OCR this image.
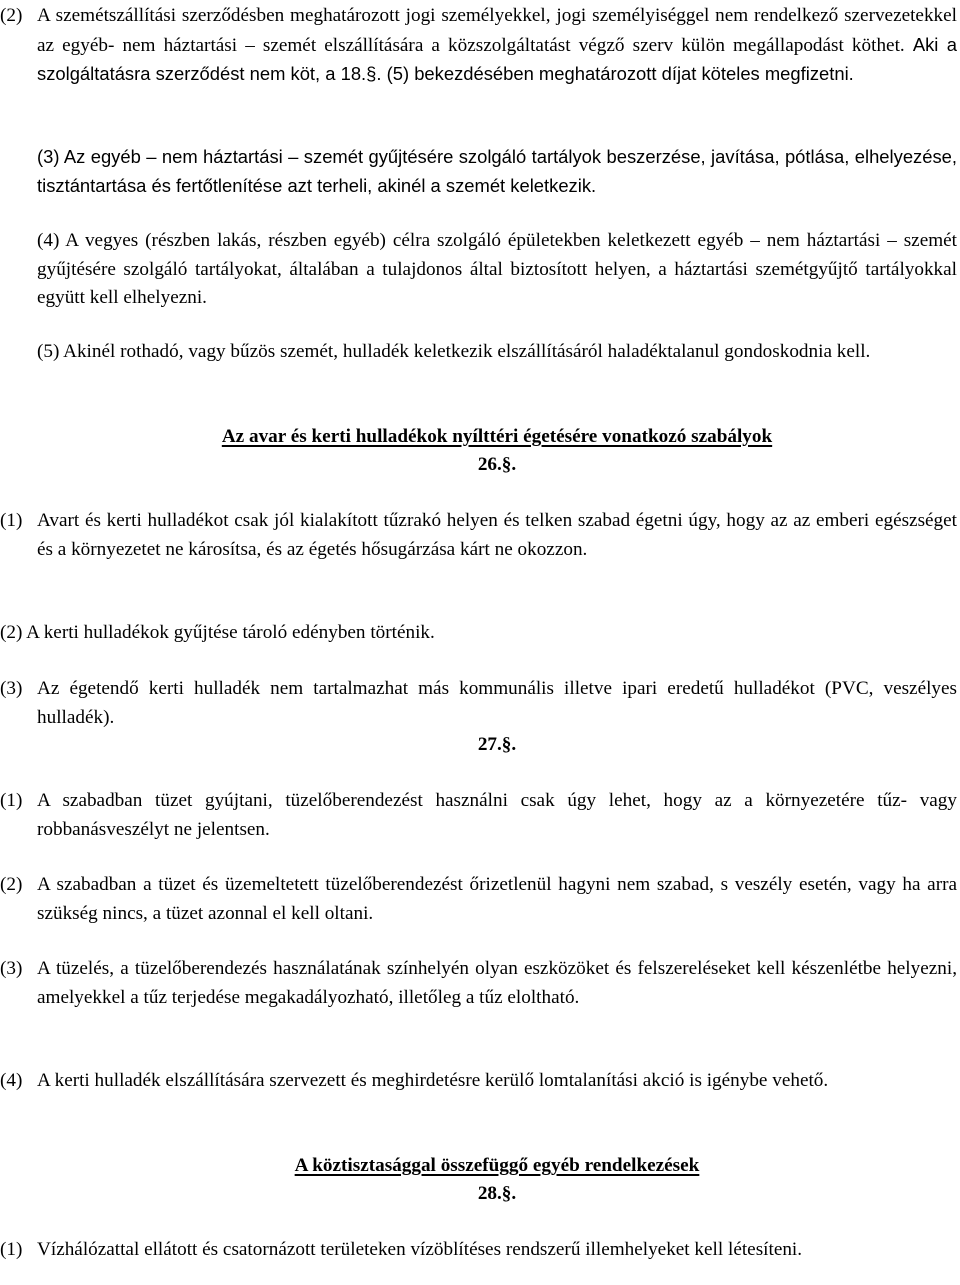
(2) A szemétszállítási szerződésben meghatározott jogi személyekkel, jogi személyiséggel nem rendelkező szervezetekkel az egyéb- nem háztartási – szemét elszállítására a közszolgáltatást végző szerv külön megállapodást köthet. Aki a szolgáltatásra szerződést nem köt, a 18.§. (5) bekezdésében meghatározott díjat köteles megfizetni.

(3) Az egyéb – nem háztartási – szemét gyűjtésére szolgáló tartályok beszerzése, javítása, pótlása, elhelyezése, tisztántartása és fertőtlenítése azt terheli, akinél a szemét keletkezik.

(4) A vegyes (részben lakás, részben egyéb) célra szolgáló épületekben keletkezett egyéb – nem háztartási – szemét gyűjtésére szolgáló tartályokat, általában a tulajdonos által biztosított helyen, a háztartási szemétgyűjtő tartályokkal együtt kell elhelyezni.

(5) Akinél rothadó, vagy bűzös szemét, hulladék keletkezik elszállításáról haladéktalanul gondoskodnia kell.

Az avar és kerti hulladékok nyílttéri égetésére vonatkozó szabályok

26.§.

(1) Avart és kerti hulladékot csak jól kialakított tűzrakó helyen és telken szabad égetni úgy, hogy az az emberi egészséget és a környezetet ne károsítsa, és az égetés hősugárzása kárt ne okozzon.

(2) A kerti hulladékok gyűjtése tároló edényben történik.

(3) Az égetendő kerti hulladék nem tartalmazhat más kommunális illetve ipari eredetű hulladékot (PVC, veszélyes hulladék).

27.§.

(1) A szabadban tüzet gyújtani, tüzelőberendezést használni csak úgy lehet, hogy az a környezetére tűz- vagy robbanásveszélyt ne jelentsen.

(2) A szabadban a tüzet és üzemeltetett tüzelőberendezést őrizetlenül hagyni nem szabad, s veszély esetén, vagy ha arra szükség nincs, a tüzet azonnal el kell oltani.

(3) A tüzelés, a tüzelőberendezés használatának színhelyén olyan eszközöket és felszereléseket kell készenlétbe helyezni, amelyekkel a tűz terjedése megakadályozható, illetőleg a tűz eloltható.

(4) A kerti hulladék elszállítására szervezett és meghirdetésre kerülő lomtalanítási akció is igénybe vehető.

A köztisztasággal összefüggő egyéb rendelkezések

28.§.

(1) Vízhálózattal ellátott és csatornázott területeken vízöblítéses rendszerű illemhelyeket kell létesíteni.
